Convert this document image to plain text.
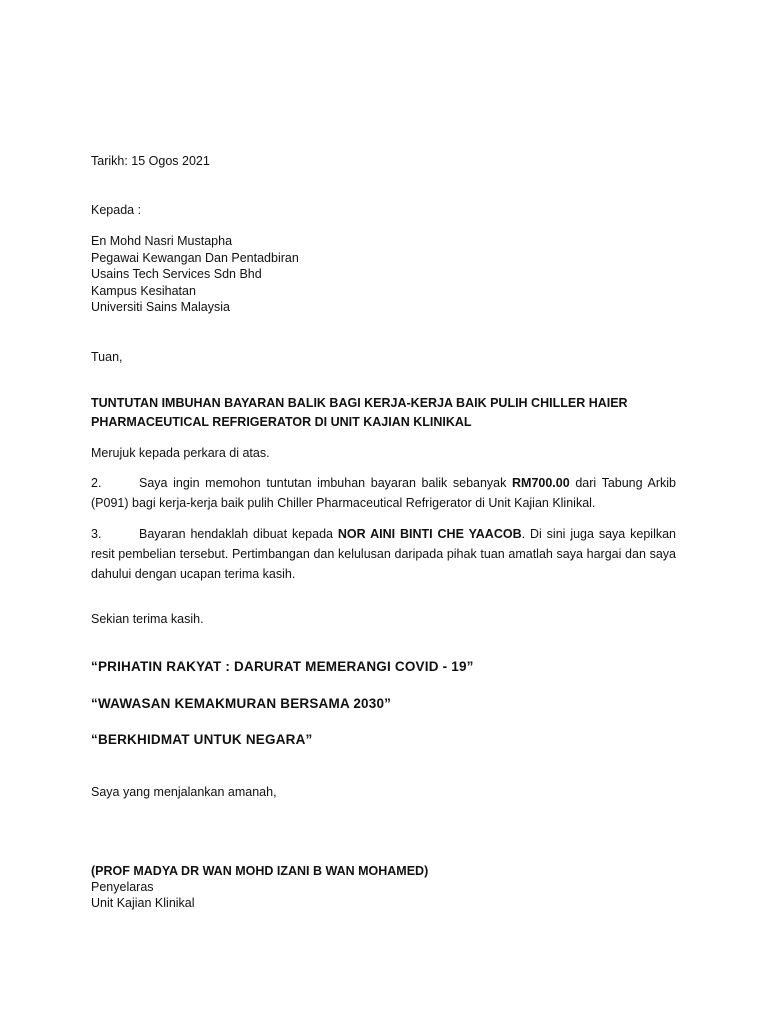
Tarikh: 15 Ogos 2021
Kepada :
En Mohd Nasri Mustapha
Pegawai Kewangan Dan Pentadbiran
Usains Tech Services Sdn Bhd
Kampus Kesihatan
Universiti Sains Malaysia
Tuan,
TUNTUTAN IMBUHAN BAYARAN BALIK BAGI KERJA-KERJA BAIK PULIH CHILLER HAIER
PHARMACEUTICAL REFRIGERATOR DI UNIT KAJIAN KLINIKAL
Merujuk kepada perkara di atas.
2.	Saya ingin memohon tuntutan imbuhan bayaran balik sebanyak RM700.00 dari Tabung Arkib (P091) bagi kerja-kerja baik pulih Chiller Pharmaceutical Refrigerator di Unit Kajian Klinikal.
3.	Bayaran hendaklah dibuat kepada NOR AINI BINTI CHE YAACOB. Di sini juga saya kepilkan resit pembelian tersebut. Pertimbangan dan kelulusan daripada pihak tuan amatlah saya hargai dan saya dahului dengan ucapan terima kasih.
Sekian terima kasih.
“PRIHATIN RAKYAT : DARURAT MEMERANGI COVID - 19”
“WAWASAN KEMAKMURAN BERSAMA 2030”
“BERKHIDMAT UNTUK NEGARA”
Saya yang menjalankan amanah,
(PROF MADYA DR WAN MOHD IZANI B WAN MOHAMED)
Penyelaras
Unit Kajian Klinikal
